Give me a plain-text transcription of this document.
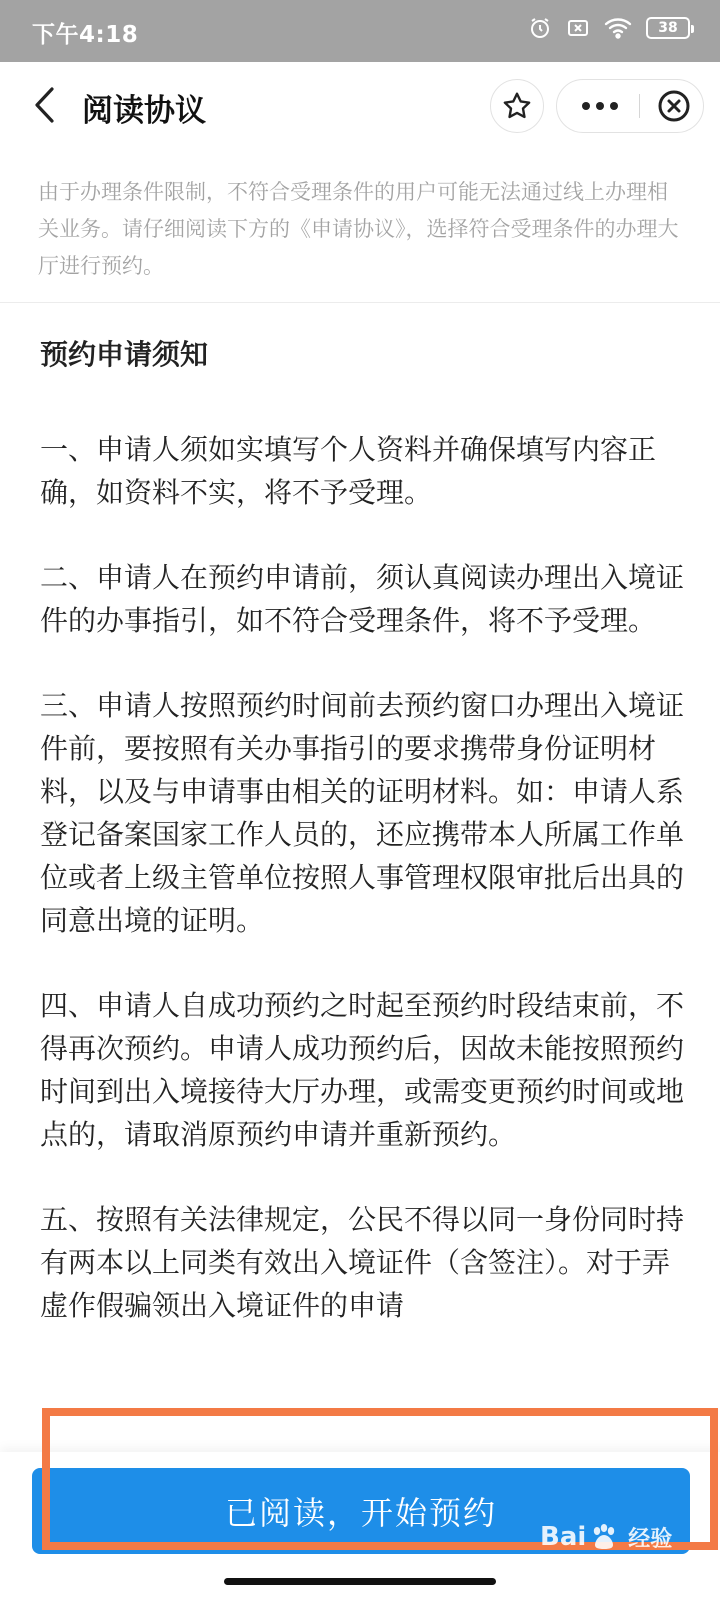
下午4:18	38
阅读协议
由于办理条件限制，不符合受理条件的用户可能无法通过线上办理相关业务。请仔细阅读下方的《申请协议》，选择符合受理条件的办理大厅进行预约。
预约申请须知
一、申请人须如实填写个人资料并确保填写内容正确，如资料不实，将不予受理。
二、申请人在预约申请前，须认真阅读办理出入境证件的办事指引，如不符合受理条件，将不予受理。
三、申请人按照预约时间前去预约窗口办理出入境证件前，要按照有关办事指引的要求携带身份证明材料，以及与申请事由相关的证明材料。如：申请人系登记备案国家工作人员的，还应携带本人所属工作单位或者上级主管单位按照人事管理权限审批后出具的同意出境的证明。
四、申请人自成功预约之时起至预约时段结束前，不得再次预约。申请人成功预约后，因故未能按照预约时间到出入境接待大厅办理，或需变更预约时间或地点的，请取消原预约申请并重新预约。
五、按照有关法律规定，公民不得以同一身份同时持有两本以上同类有效出入境证件（含签注）。对于弄虚作假骗领出入境证件的申请
已阅读，开始预约
Bai 经验
